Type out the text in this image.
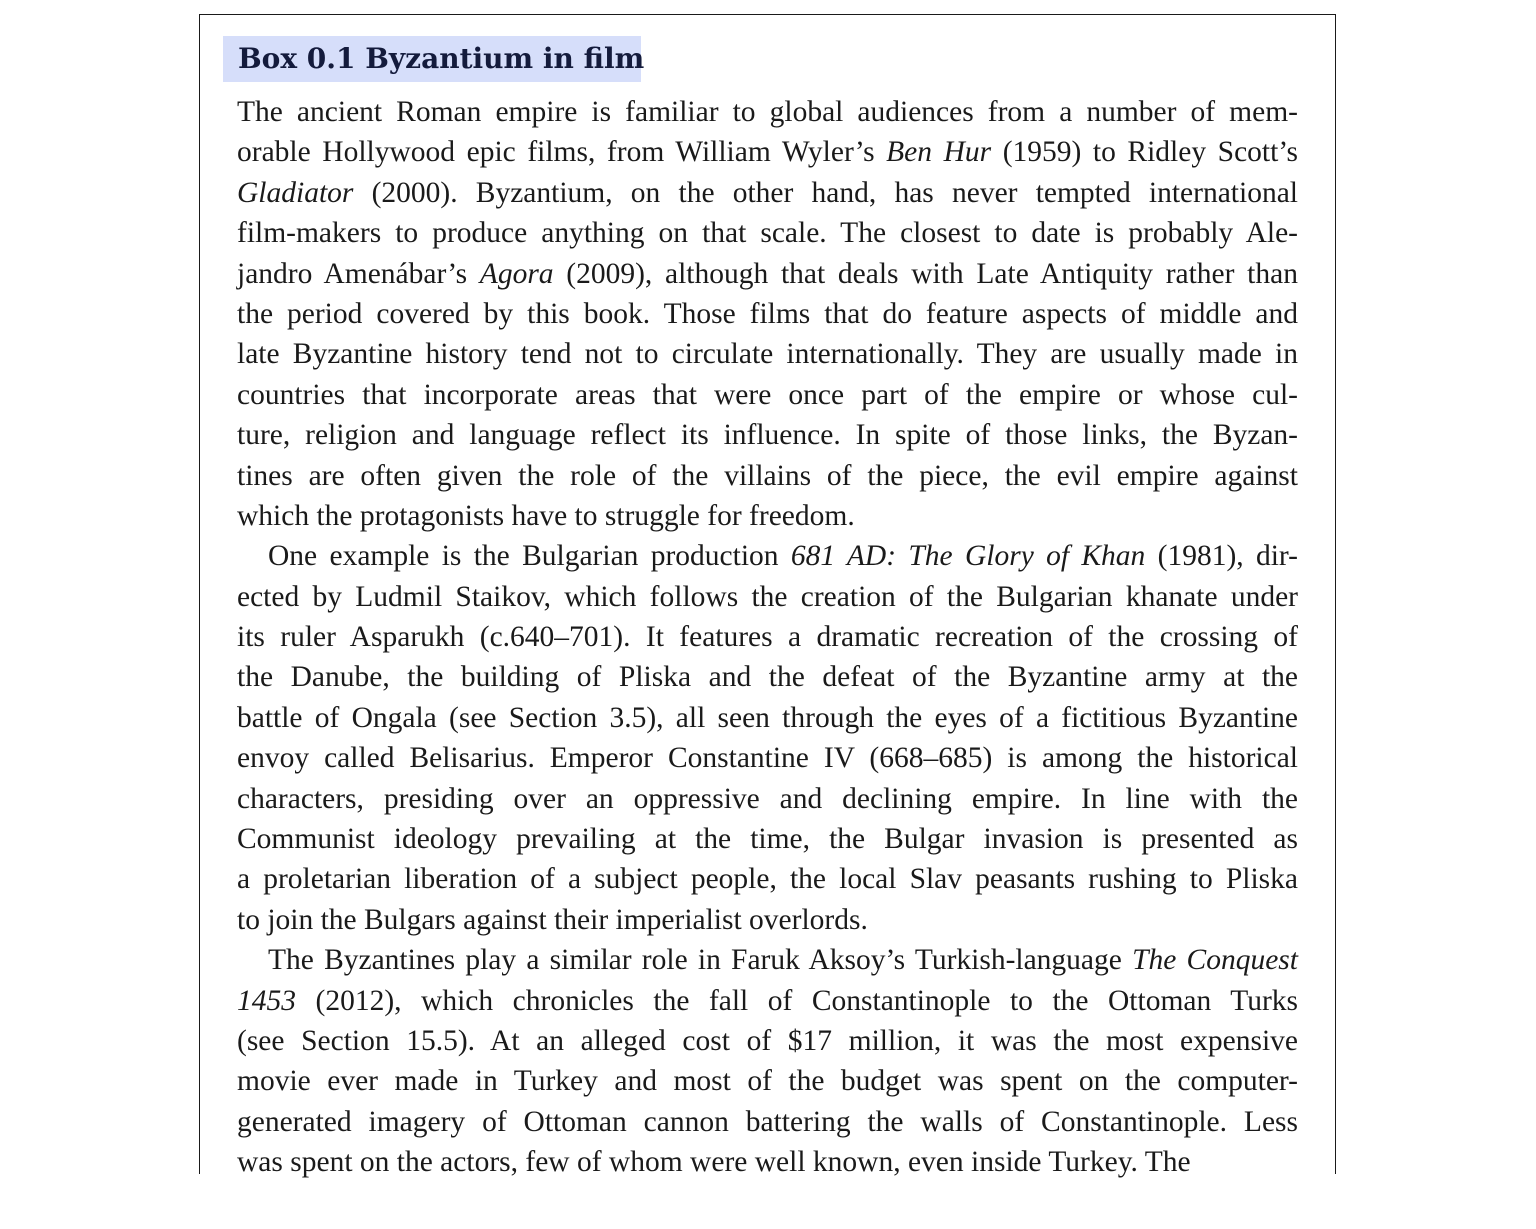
Box 0.1 Byzantium in film
The ancient Roman empire is familiar to global audiences from a number of mem-
orable Hollywood epic films, from William Wyler’s Ben Hur (1959) to Ridley Scott’s
Gladiator (2000). Byzantium, on the other hand, has never tempted international
film-makers to produce anything on that scale. The closest to date is probably Ale-
jandro Amenábar’s Agora (2009), although that deals with Late Antiquity rather than
the period covered by this book. Those films that do feature aspects of middle and
late Byzantine history tend not to circulate internationally. They are usually made in
countries that incorporate areas that were once part of the empire or whose cul-
ture, religion and language reflect its influence. In spite of those links, the Byzan-
tines are often given the role of the villains of the piece, the evil empire against
which the protagonists have to struggle for freedom.
One example is the Bulgarian production 681 AD: The Glory of Khan (1981), dir-
ected by Ludmil Staikov, which follows the creation of the Bulgarian khanate under
its ruler Asparukh (c.640–701). It features a dramatic recreation of the crossing of
the Danube, the building of Pliska and the defeat of the Byzantine army at the
battle of Ongala (see Section 3.5), all seen through the eyes of a fictitious Byzantine
envoy called Belisarius. Emperor Constantine IV (668–685) is among the historical
characters, presiding over an oppressive and declining empire. In line with the
Communist ideology prevailing at the time, the Bulgar invasion is presented as
a proletarian liberation of a subject people, the local Slav peasants rushing to Pliska
to join the Bulgars against their imperialist overlords.
The Byzantines play a similar role in Faruk Aksoy’s Turkish-language The Conquest
1453 (2012), which chronicles the fall of Constantinople to the Ottoman Turks
(see Section 15.5). At an alleged cost of $17 million, it was the most expensive
movie ever made in Turkey and most of the budget was spent on the computer-
generated imagery of Ottoman cannon battering the walls of Constantinople. Less
was spent on the actors, few of whom were well known, even inside Turkey. The
